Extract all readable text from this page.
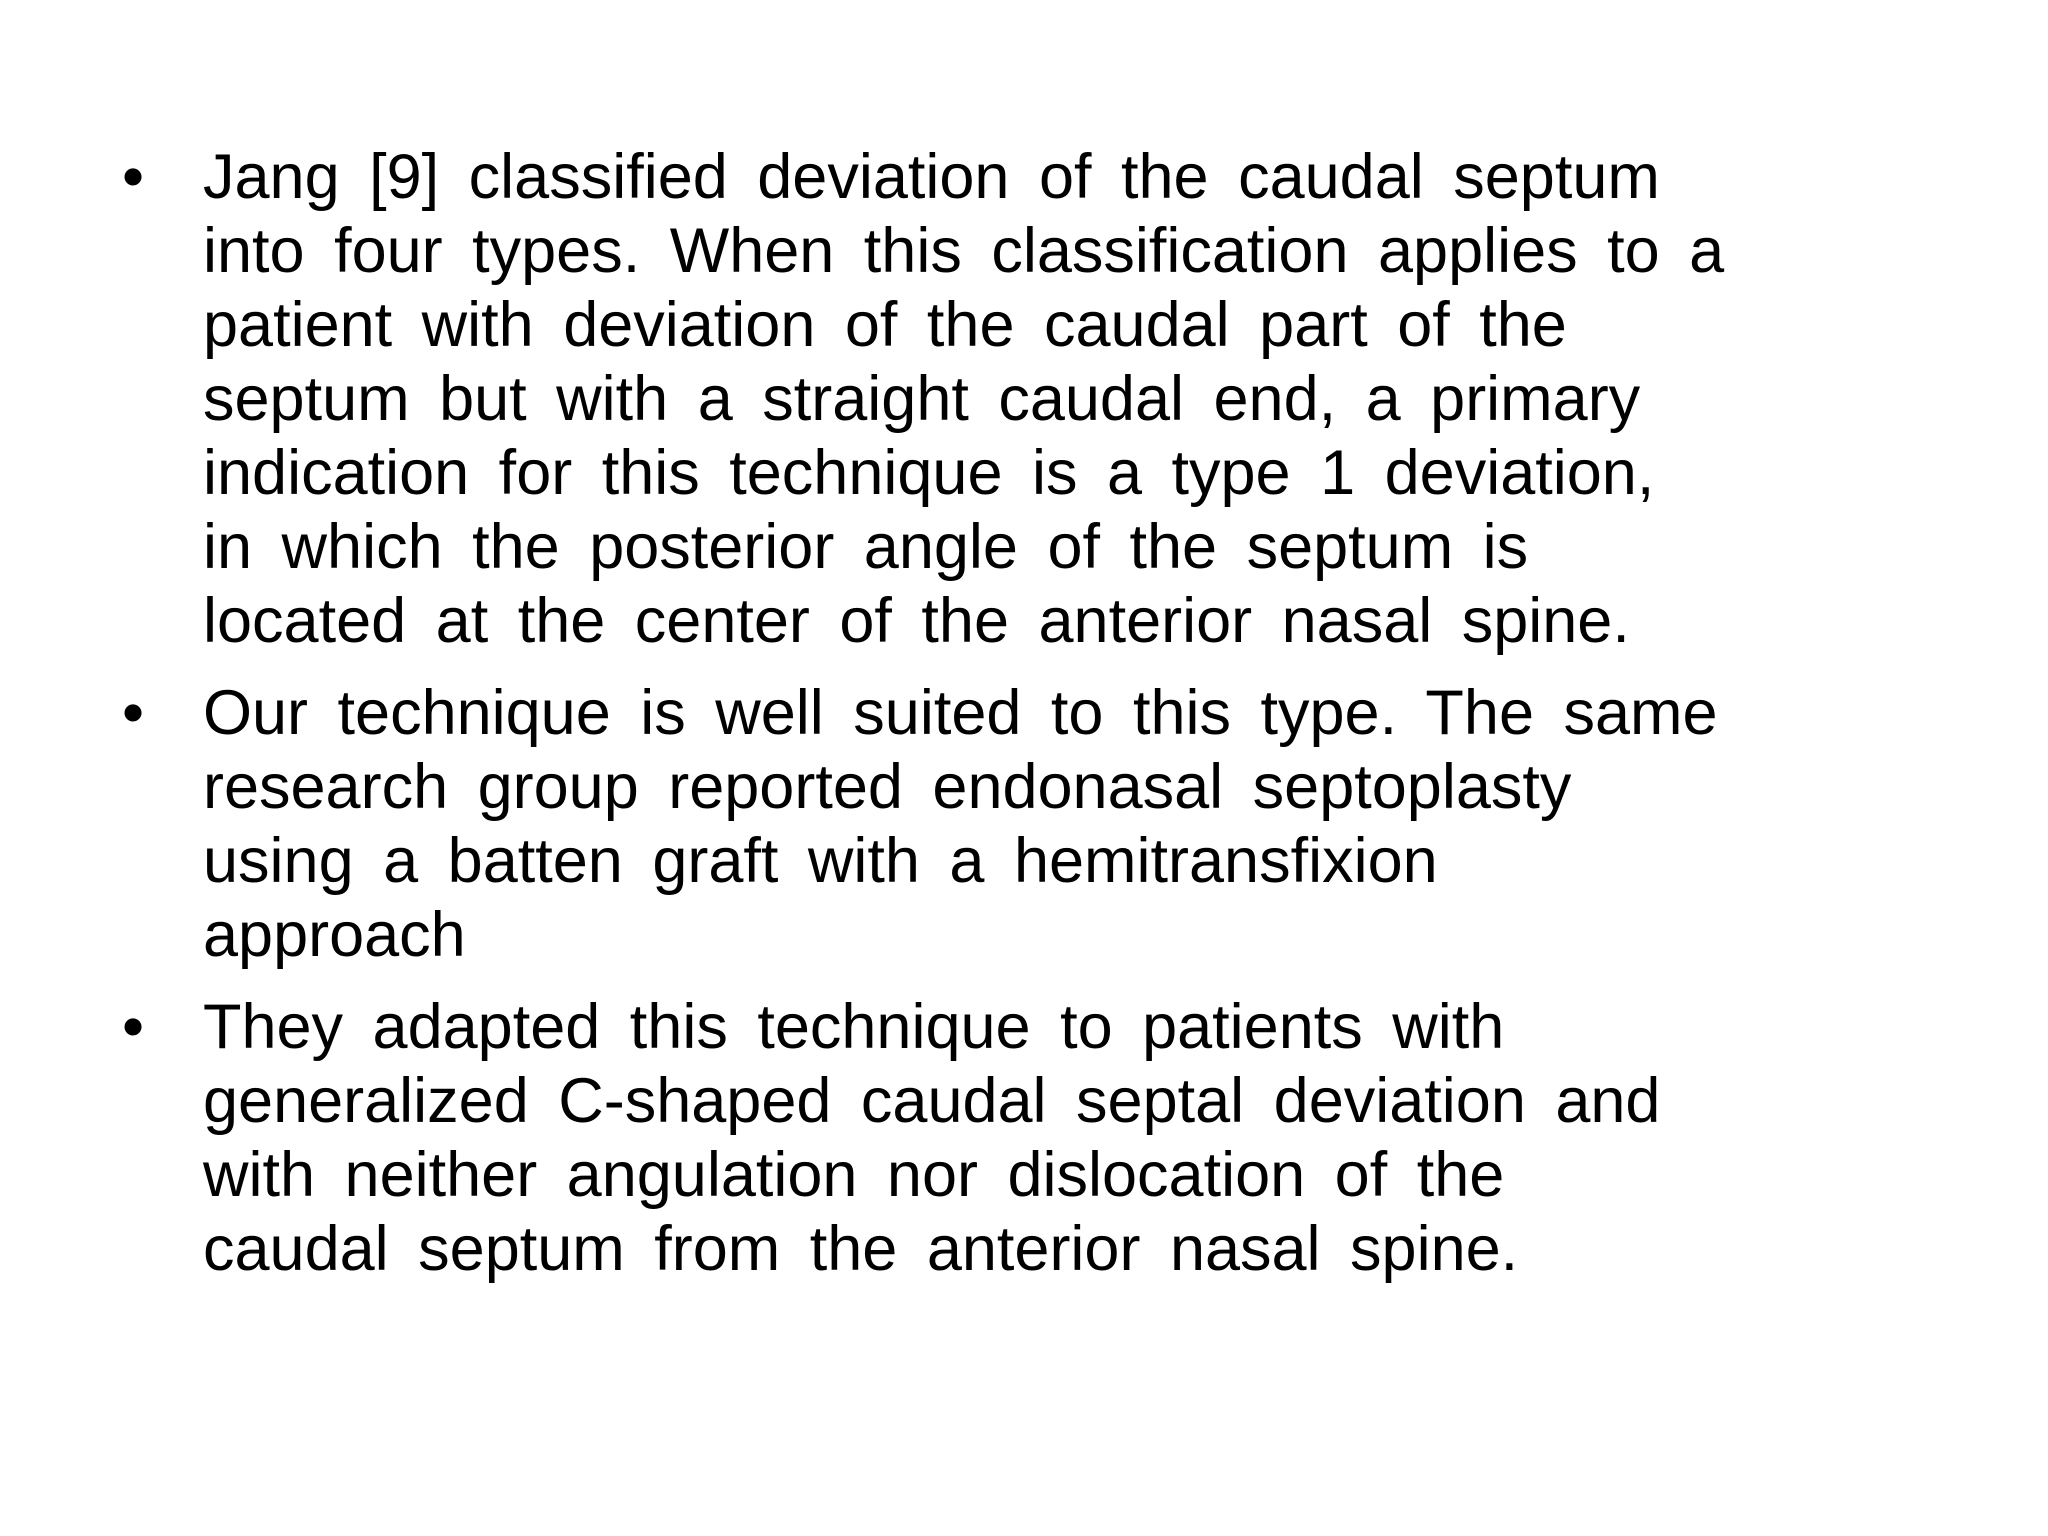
• Jang [9] classified deviation of the caudal septum
into four types. When this classification applies to a
patient with deviation of the caudal part of the
septum but with a straight caudal end, a primary
indication for this technique is a type 1 deviation,
in which the posterior angle of the septum is
located at the center of the anterior nasal spine.
• Our technique is well suited to this type. The same
research group reported endonasal septoplasty
using a batten graft with a hemitransfixion
approach
• They adapted this technique to patients with
generalized C-shaped caudal septal deviation and
with neither angulation nor dislocation of the
caudal septum from the anterior nasal spine.
